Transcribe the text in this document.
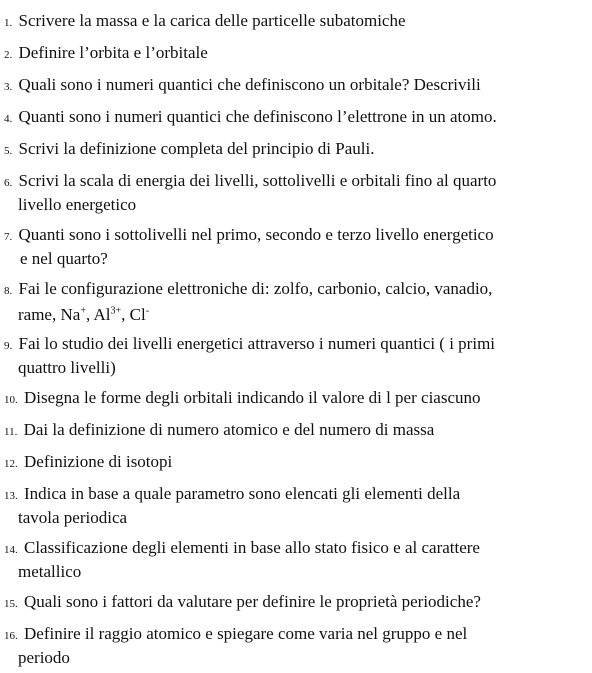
1. Scrivere la massa e la carica delle particelle subatomiche
2. Definire l’orbita e l’orbitale
3. Quali sono i numeri quantici che definiscono un orbitale? Descrivili
4. Quanti sono i numeri quantici che definiscono l’elettrone in un atomo.
5. Scrivi la definizione completa del principio di Pauli.
6. Scrivi la scala di energia dei livelli, sottolivelli e orbitali fino al quarto
livello energetico
7. Quanti sono i sottolivelli nel primo, secondo e terzo livello energetico
e nel quarto?
8. Fai le configurazione elettroniche di: zolfo, carbonio, calcio, vanadio,
rame, Na+, $Al^{3+}$, Cl-
9. Fai lo studio dei livelli energetici attraverso i numeri quantici ( i primi
quattro livelli)
10. Disegna le forme degli orbitali indicando il valore di l per ciascuno
11. Dai la definizione di numero atomico e del numero di massa
12. Definizione di isotopi
13. Indica in base a quale parametro sono elencati gli elementi della
tavola periodica
14. Classificazione degli elementi in base allo stato fisico e al carattere
metallico
15. Quali sono i fattori da valutare per definire le proprietà periodiche?
16. Definire il raggio atomico e spiegare come varia nel gruppo e nel
periodo
